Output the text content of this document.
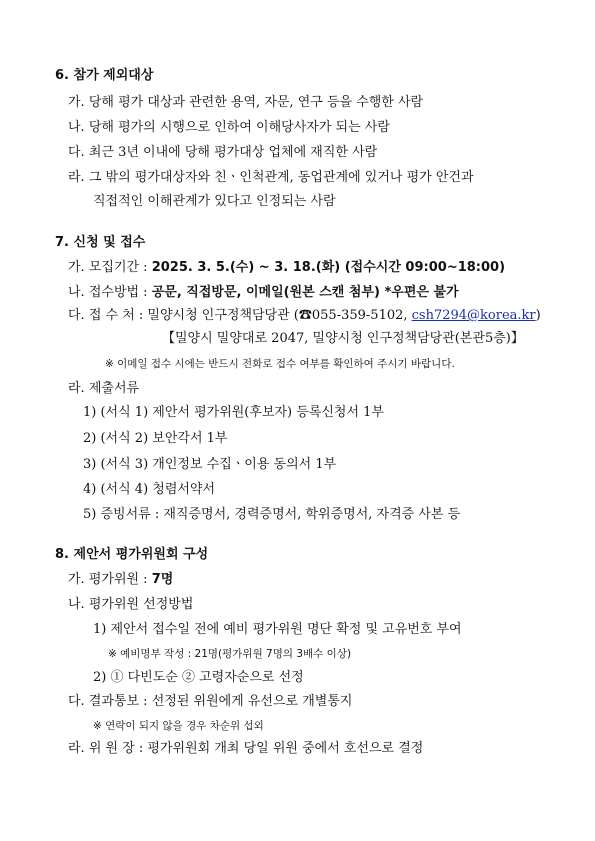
6. 참가 제외대상
가. 당해 평가 대상과 관련한 용역, 자문, 연구 등을 수행한 사람
나. 당해 평가의 시행으로 인하여 이해당사자가 되는 사람
다. 최근 3년 이내에 당해 평가대상 업체에 재직한 사람
라. 그 밖의 평가대상자와 친ㆍ인척관계, 동업관계에 있거나 평가 안건과
직접적인 이해관계가 있다고 인정되는 사람
7. 신청 및 접수
가. 모집기간 : 2025. 3. 5.(수) ~ 3. 18.(화) (접수시간 09:00~18:00)
나. 접수방법 : 공문, 직접방문, 이메일(원본 스캔 첨부) *우편은 불가
다. 접 수 처 : 밀양시청 인구정책담당관 (☎055-359-5102, csh7294@korea.kr)
【밀양시 밀양대로 2047, 밀양시청 인구정책담당관(본관5층)】
※ 이메일 접수 시에는 반드시 전화로 접수 여부를 확인하여 주시기 바랍니다.
라. 제출서류
1) (서식 1) 제안서 평가위원(후보자) 등록신청서 1부
2) (서식 2) 보안각서 1부
3) (서식 3) 개인정보 수집ㆍ이용 동의서 1부
4) (서식 4) 청렴서약서
5) 증빙서류 : 재직증명서, 경력증명서, 학위증명서, 자격증 사본 등
8. 제안서 평가위원회 구성
가. 평가위원 : 7명
나. 평가위원 선정방법
1) 제안서 접수일 전에 예비 평가위원 명단 확정 및 고유번호 부여
※ 예비명부 작성 : 21명(평가위원 7명의 3배수 이상)
2) ① 다빈도순 ② 고령자순으로 선정
다. 결과통보 : 선정된 위원에게 유선으로 개별통지
※ 연락이 되지 않을 경우 차순위 섭외
라. 위 원 장 : 평가위원회 개최 당일 위원 중에서 호선으로 결정
